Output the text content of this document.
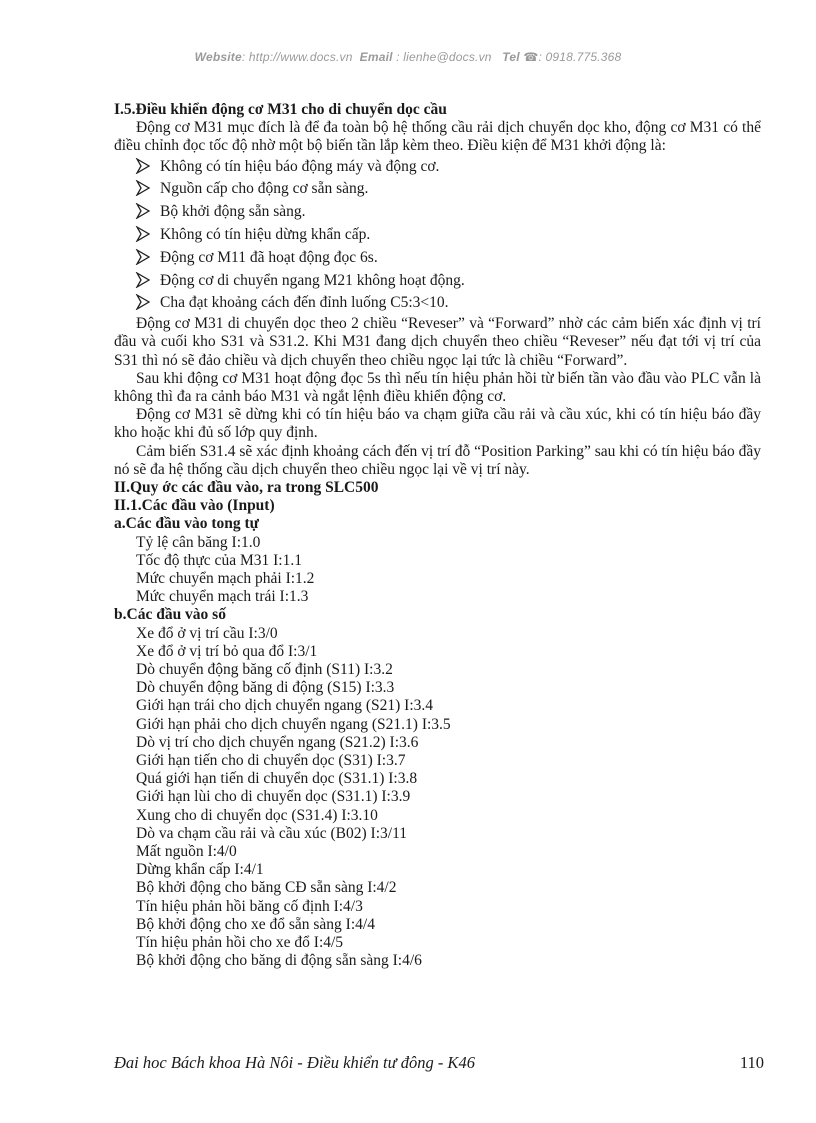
Website: http://www.docs.vn Email : lienhe@docs.vn Tel ☎: 0918.775.368
I.5.Điều khiển động cơ M31 cho di chuyển dọc cầu
Động cơ M31 mục đích là để đa toàn bộ hệ thống cầu rải dịch chuyển dọc kho, động cơ M31 có thể điều chỉnh đọc tốc độ nhờ một bộ biến tần lắp kèm theo. Điều kiện để M31 khởi động là:
Không có tín hiệu báo động máy và động cơ.
Nguồn cấp cho động cơ sẵn sàng.
Bộ khởi động sẵn sàng.
Không có tín hiệu dừng khẩn cấp.
Động cơ M11 đã hoạt động đọc 6s.
Động cơ di chuyển ngang M21 không hoạt động.
Cha đạt khoảng cách đến đỉnh luống C5:3<10.
Động cơ M31 di chuyển dọc theo 2 chiều “Reveser” và “Forward” nhờ các cảm biến xác định vị trí đầu và cuối kho S31 và S31.2. Khi M31 đang dịch chuyển theo chiều “Reveser” nếu đạt tới vị trí của S31 thì nó sẽ đảo chiều và dịch chuyển theo chiều ngọc lại tức là chiều “Forward”.
Sau khi động cơ M31 hoạt động đọc 5s thì nếu tín hiệu phản hồi từ biến tần vào đầu vào PLC vẫn là không thì đa ra cảnh báo M31 và ngắt lệnh điều khiển động cơ.
Động cơ M31 sẽ dừng khi có tín hiệu báo va chạm giữa cầu rải và cầu xúc, khi có tín hiệu báo đầy kho hoặc khi đủ số lớp quy định.
Cảm biến S31.4 sẽ xác định khoảng cách đến vị trí đỗ “Position Parking” sau khi có tín hiệu báo đầy nó sẽ đa hệ thống cầu dịch chuyển theo chiều ngọc lại về vị trí này.
II.Quy ớc các đầu vào, ra trong SLC500
II.1.Các đầu vào (Input)
a.Các đầu vào tong tự
Tỷ lệ cân băng I:1.0
Tốc độ thực của M31 I:1.1
Mức chuyển mạch phải I:1.2
Mức chuyển mạch trái I:1.3
b.Các đầu vào số
Xe đổ ở vị trí cầu I:3/0
Xe đổ ở vị trí bỏ qua đổ I:3/1
Dò chuyển động băng cố định (S11) I:3.2
Dò chuyển động băng di động (S15) I:3.3
Giới hạn trái cho dịch chuyển ngang (S21) I:3.4
Giới hạn phải cho dịch chuyển ngang (S21.1) I:3.5
Dò vị trí cho dịch chuyển ngang (S21.2) I:3.6
Giới hạn tiến cho di chuyển dọc (S31) I:3.7
Quá giới hạn tiến di chuyển dọc (S31.1) I:3.8
Giới hạn lùi cho di chuyển dọc (S31.1) I:3.9
Xung cho di chuyển dọc (S31.4) I:3.10
Dò va chạm cầu rải và cầu xúc (B02) I:3/11
Mất nguồn I:4/0
Dừng khẩn cấp I:4/1
Bộ khởi động cho băng CĐ sẵn sàng I:4/2
Tín hiệu phản hồi băng cố định I:4/3
Bộ khởi động cho xe đổ sẵn sàng I:4/4
Tín hiệu phản hồi cho xe đổ I:4/5
Bộ khởi động cho băng di động sẵn sàng I:4/6
Đai hoc Bách khoa Hà Nôi - Điều khiển tư đông - K46	110
